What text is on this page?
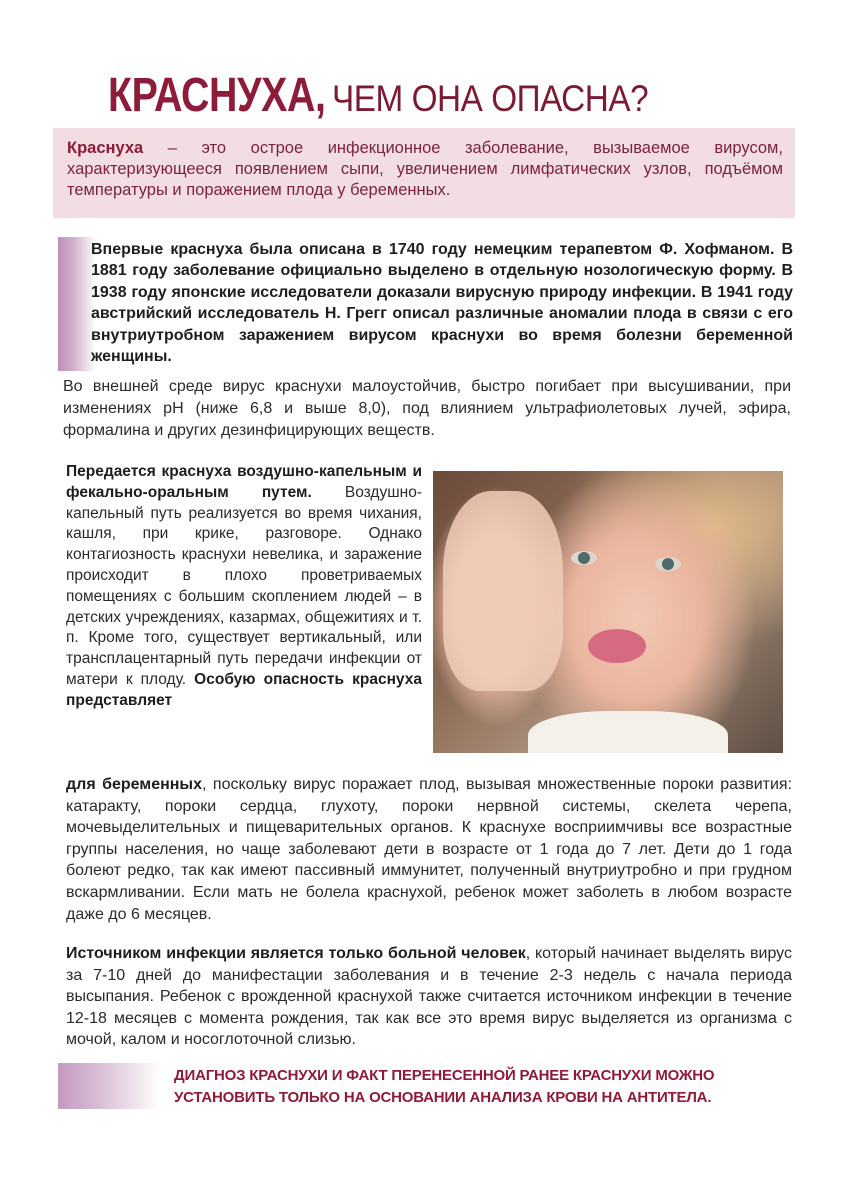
КРАСНУХА, ЧЕМ ОНА ОПАСНА?
Краснуха – это острое инфекционное заболевание, вызываемое вирусом, характеризующееся появлением сыпи, увеличением лимфатических узлов, подъёмом температуры и поражением плода у беременных.

Впервые краснуха была описана в 1740 году немецким терапевтом Ф. Хофманом. В 1881 году заболевание официально выделено в отдельную нозологическую форму. В 1938 году японские исследователи доказали вирусную природу инфекции. В 1941 году австрийский исследователь Н. Грегг описал различные аномалии плода в связи с его внутриутробном заражением вирусом краснухи во время болезни беременной женщины.

Во внешней среде вирус краснухи малоустойчив, быстро погибает при высушивании, при изменениях pH (ниже 6,8 и выше 8,0), под влиянием ультрафиолетовых лучей, эфира, формалина и других дезинфицирующих веществ.

Передается краснуха воздушно-капельным и фекально-оральным путем. Воздушно-капельный путь реализуется во время чихания, кашля, при крике, разговоре. Однако контагиозность краснухи невелика, и заражение происходит в плохо проветриваемых помещениях с большим скоплением людей – в детских учреждениях, казармах, общежитиях и т. п. Кроме того, существует вертикальный, или трансплацентарный путь передачи инфекции от матери к плоду. Особую опасность краснуха представляет

для беременных, поскольку вирус поражает плод, вызывая множественные пороки развития: катаракту, пороки сердца, глухоту, пороки нервной системы, скелета черепа, мочевыделительных и пищеварительных органов. К краснухе восприимчивы все возрастные группы населения, но чаще заболевают дети в возрасте от 1 года до 7 лет. Дети до 1 года болеют редко, так как имеют пассивный иммунитет, полученный внутриутробно и при грудном вскармливании. Если мать не болела краснухой, ребенок может заболеть в любом возрасте даже до 6 месяцев.

Источником инфекции является только больной человек, который начинает выделять вирус за 7-10 дней до манифестации заболевания и в течение 2-3 недель с начала периода высыпания. Ребенок с врожденной краснухой также считается источником инфекции в течение 12-18 месяцев с момента рождения, так как все это время вирус выделяется из организма с мочой, калом и носоглоточной слизью.

ДИАГНОЗ КРАСНУХИ И ФАКТ ПЕРЕНЕСЕННОЙ РАНЕЕ КРАСНУХИ МОЖНО
УСТАНОВИТЬ ТОЛЬКО НА ОСНОВАНИИ АНАЛИЗА КРОВИ НА АНТИТЕЛА.
